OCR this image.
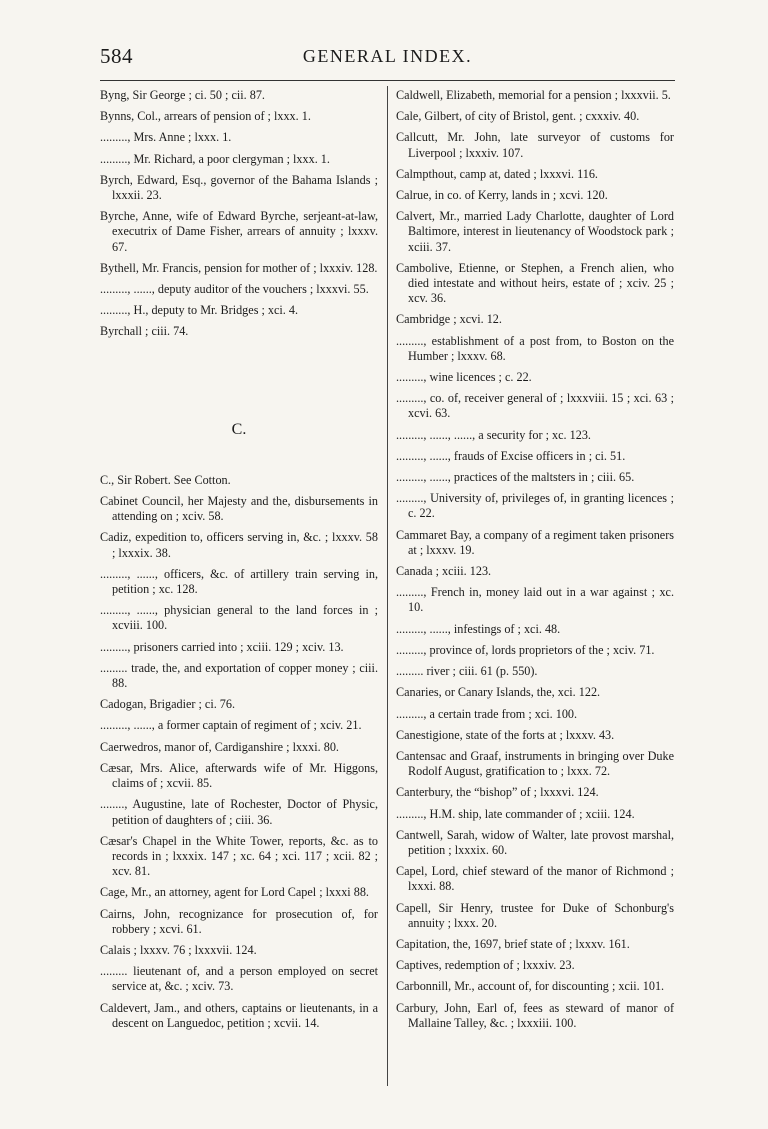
584	GENERAL INDEX.
Byng, Sir George ; ci. 50 ; cii. 87.
Bynns, Col., arrears of pension of ; lxxx. 1.
........., Mrs. Anne ; lxxx. 1.
........., Mr. Richard, a poor clergyman ; lxxx. 1.
Byrch, Edward, Esq., governor of the Bahama Islands ; lxxxii. 23.
Byrche, Anne, wife of Edward Byrche, serjeant-at-law, executrix of Dame Fisher, arrears of annuity ; lxxxv. 67.
Bythell, Mr. Francis, pension for mother of ; lxxxiv. 128.
........., ......, deputy auditor of the vouchers ; lxxxvi. 55.
........., H., deputy to Mr. Bridges ; xci. 4.
Byrchall ; ciii. 74.
C.
C., Sir Robert. See Cotton.
Cabinet Council, her Majesty and the, disbursements in attending on ; xciv. 58.
Cadiz, expedition to, officers serving in, &c. ; lxxxv. 58 ; lxxxix. 38.
........., ......, officers, &c. of artillery train serving in, petition ; xc. 128.
........., ......, physician general to the land forces in ; xcviii. 100.
........., prisoners carried into ; xciii. 129 ; xciv. 13.
......... trade, the, and exportation of copper money ; ciii. 88.
Cadogan, Brigadier ; ci. 76.
........., ......, a former captain of regiment of ; xciv. 21.
Caerwedros, manor of, Cardiganshire ; lxxxi. 80.
Cæsar, Mrs. Alice, afterwards wife of Mr. Higgons, claims of ; xcvii. 85.
........, Augustine, late of Rochester, Doctor of Physic, petition of daughters of ; ciii. 36.
Cæsar's Chapel in the White Tower, reports, &c. as to records in ; lxxxix. 147 ; xc. 64 ; xci. 117 ; xcii. 82 ; xcv. 81.
Cage, Mr., an attorney, agent for Lord Capel ; lxxxi 88.
Cairns, John, recognizance for prosecution of, for robbery ; xcvi. 61.
Calais ; lxxxv. 76 ; lxxxvii. 124.
......... lieutenant of, and a person employed on secret service at, &c. ; xciv. 73.
Caldevert, Jam., and others, captains or lieutenants, in a descent on Languedoc, petition ; xcvii. 14.
Caldwell, Elizabeth, memorial for a pension ; lxxxvii. 5.
Cale, Gilbert, of city of Bristol, gent. ; cxxxiv. 40.
Callcutt, Mr. John, late surveyor of customs for Liverpool ; lxxxiv. 107.
Calmpthout, camp at, dated ; lxxxvi. 116.
Calrue, in co. of Kerry, lands in ; xcvi. 120.
Calvert, Mr., married Lady Charlotte, daughter of Lord Baltimore, interest in lieutenancy of Woodstock park ; xciii. 37.
Cambolive, Etienne, or Stephen, a French alien, who died intestate and without heirs, estate of ; xciv. 25 ; xcv. 36.
Cambridge ; xcvi. 12.
........., establishment of a post from, to Boston on the Humber ; lxxxv. 68.
........., wine licences ; c. 22.
........., co. of, receiver general of ; lxxxviii. 15 ; xci. 63 ; xcvi. 63.
........., ......, ......, a security for ; xc. 123.
........., ......, frauds of Excise officers in ; ci. 51.
........., ......, practices of the maltsters in ; ciii. 65.
........., University of, privileges of, in granting licences ; c. 22.
Cammaret Bay, a company of a regiment taken prisoners at ; lxxxv. 19.
Canada ; xciii. 123.
........., French in, money laid out in a war against ; xc. 10.
........., ......, infestings of ; xci. 48.
........., province of, lords proprietors of the ; xciv. 71.
......... river ; ciii. 61 (p. 550).
Canaries, or Canary Islands, the, xci. 122.
........., a certain trade from ; xci. 100.
Canestigione, state of the forts at ; lxxxv. 43.
Cantensac and Graaf, instruments in bringing over Duke Rodolf August, gratification to ; lxxx. 72.
Canterbury, the “bishop” of ; lxxxvi. 124.
........., H.M. ship, late commander of ; xciii. 124.
Cantwell, Sarah, widow of Walter, late provost marshal, petition ; lxxxix. 60.
Capel, Lord, chief steward of the manor of Richmond ; lxxxi. 88.
Capell, Sir Henry, trustee for Duke of Schonburg's annuity ; lxxx. 20.
Capitation, the, 1697, brief state of ; lxxxv. 161.
Captives, redemption of ; lxxxiv. 23.
Carbonnill, Mr., account of, for discounting ; xcii. 101.
Carbury, John, Earl of, fees as steward of manor of Mallaine Talley, &c. ; lxxxiii. 100.
